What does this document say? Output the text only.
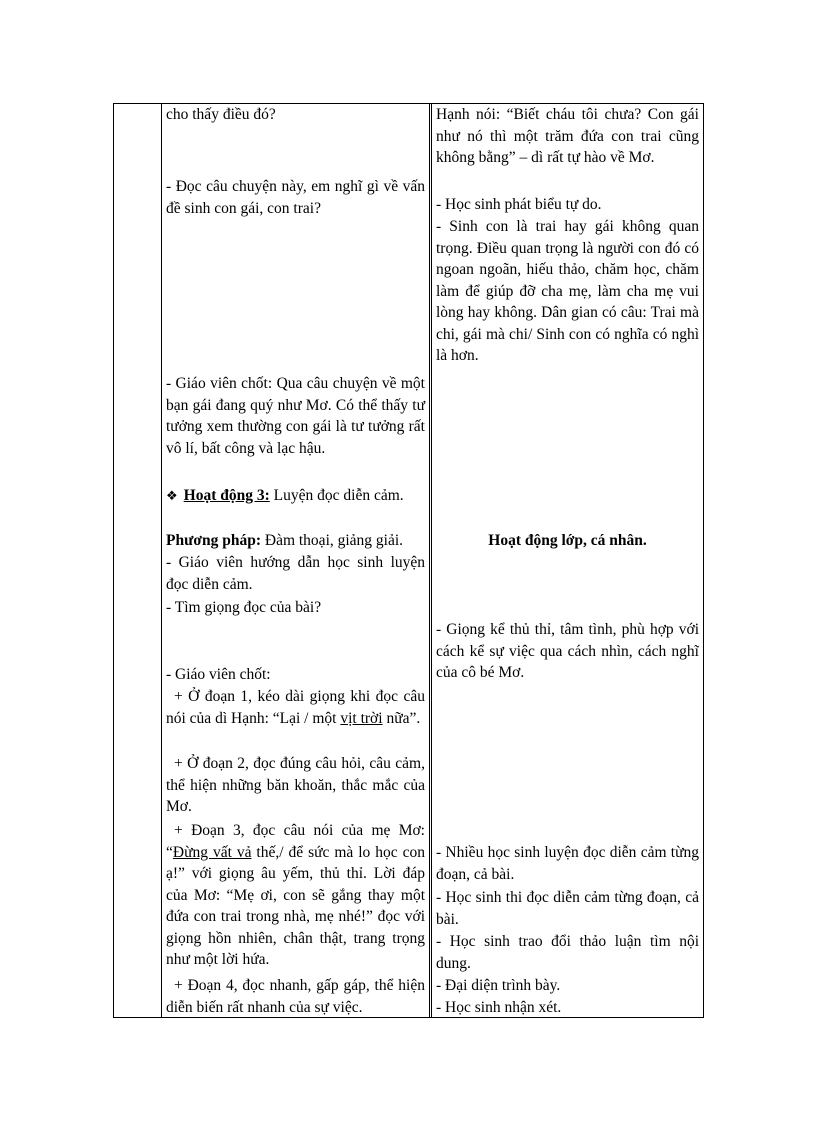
cho thấy điều đó?

- Đọc câu chuyện này, em nghĩ gì về vấn đề sinh con gái, con trai?

- Giáo viên chốt: Qua câu chuyện về một bạn gái đang quý như Mơ. Có thể thấy tư tưởng xem thường con gái là tư tưởng rất vô lí, bất công và lạc hậu.

❖ Hoạt động 3: Luyện đọc diễn cảm.

Phương pháp: Đàm thoại, giảng giải.

- Giáo viên hướng dẫn học sinh luyện đọc diễn cảm.

- Tìm giọng đọc của bài?

- Giáo viên chốt:

+ Ở đoạn 1, kéo dài giọng khi đọc câu nói của dì Hạnh: “Lại / một vịt trời nữa”.

+ Ở đoạn 2, đọc đúng câu hỏi, câu cảm, thể hiện những băn khoăn, thắc mắc của Mơ.

+ Đoạn 3, đọc câu nói của mẹ Mơ: “Đừng vất vả thế,/ để sức mà lo học con ạ!” với giọng âu yếm, thủ thỉ. Lời đáp của Mơ: “Mẹ ơi, con sẽ gắng thay một đứa con trai trong nhà, mẹ nhé!” đọc với giọng hồn nhiên, chân thật, trang trọng như một lời hứa.

+ Đoạn 4, đọc nhanh, gấp gáp, thể hiện diễn biến rất nhanh của sự việc.

Hạnh nói: “Biết cháu tôi chưa? Con gái như nó thì một trăm đứa con trai cũng không bằng” – dì rất tự hào về Mơ.

- Học sinh phát biểu tự do.

- Sinh con là trai hay gái không quan trọng. Điều quan trọng là người con đó có ngoan ngoãn, hiếu thảo, chăm học, chăm làm để giúp đỡ cha mẹ, làm cha mẹ vui lòng hay không. Dân gian có câu: Trai mà chi, gái mà chi/ Sinh con có nghĩa có nghì là hơn.

Hoạt động lớp, cá nhân.

- Giọng kể thủ thỉ, tâm tình, phù hợp với cách kể sự việc qua cách nhìn, cách nghĩ của cô bé Mơ.

- Nhiều học sinh luyện đọc diễn cảm từng đoạn, cả bài.

- Học sinh thi đọc diễn cảm từng đoạn, cả bài.

- Học sinh trao đổi thảo luận tìm nội dung.

- Đại diện trình bày.

- Học sinh nhận xét.
